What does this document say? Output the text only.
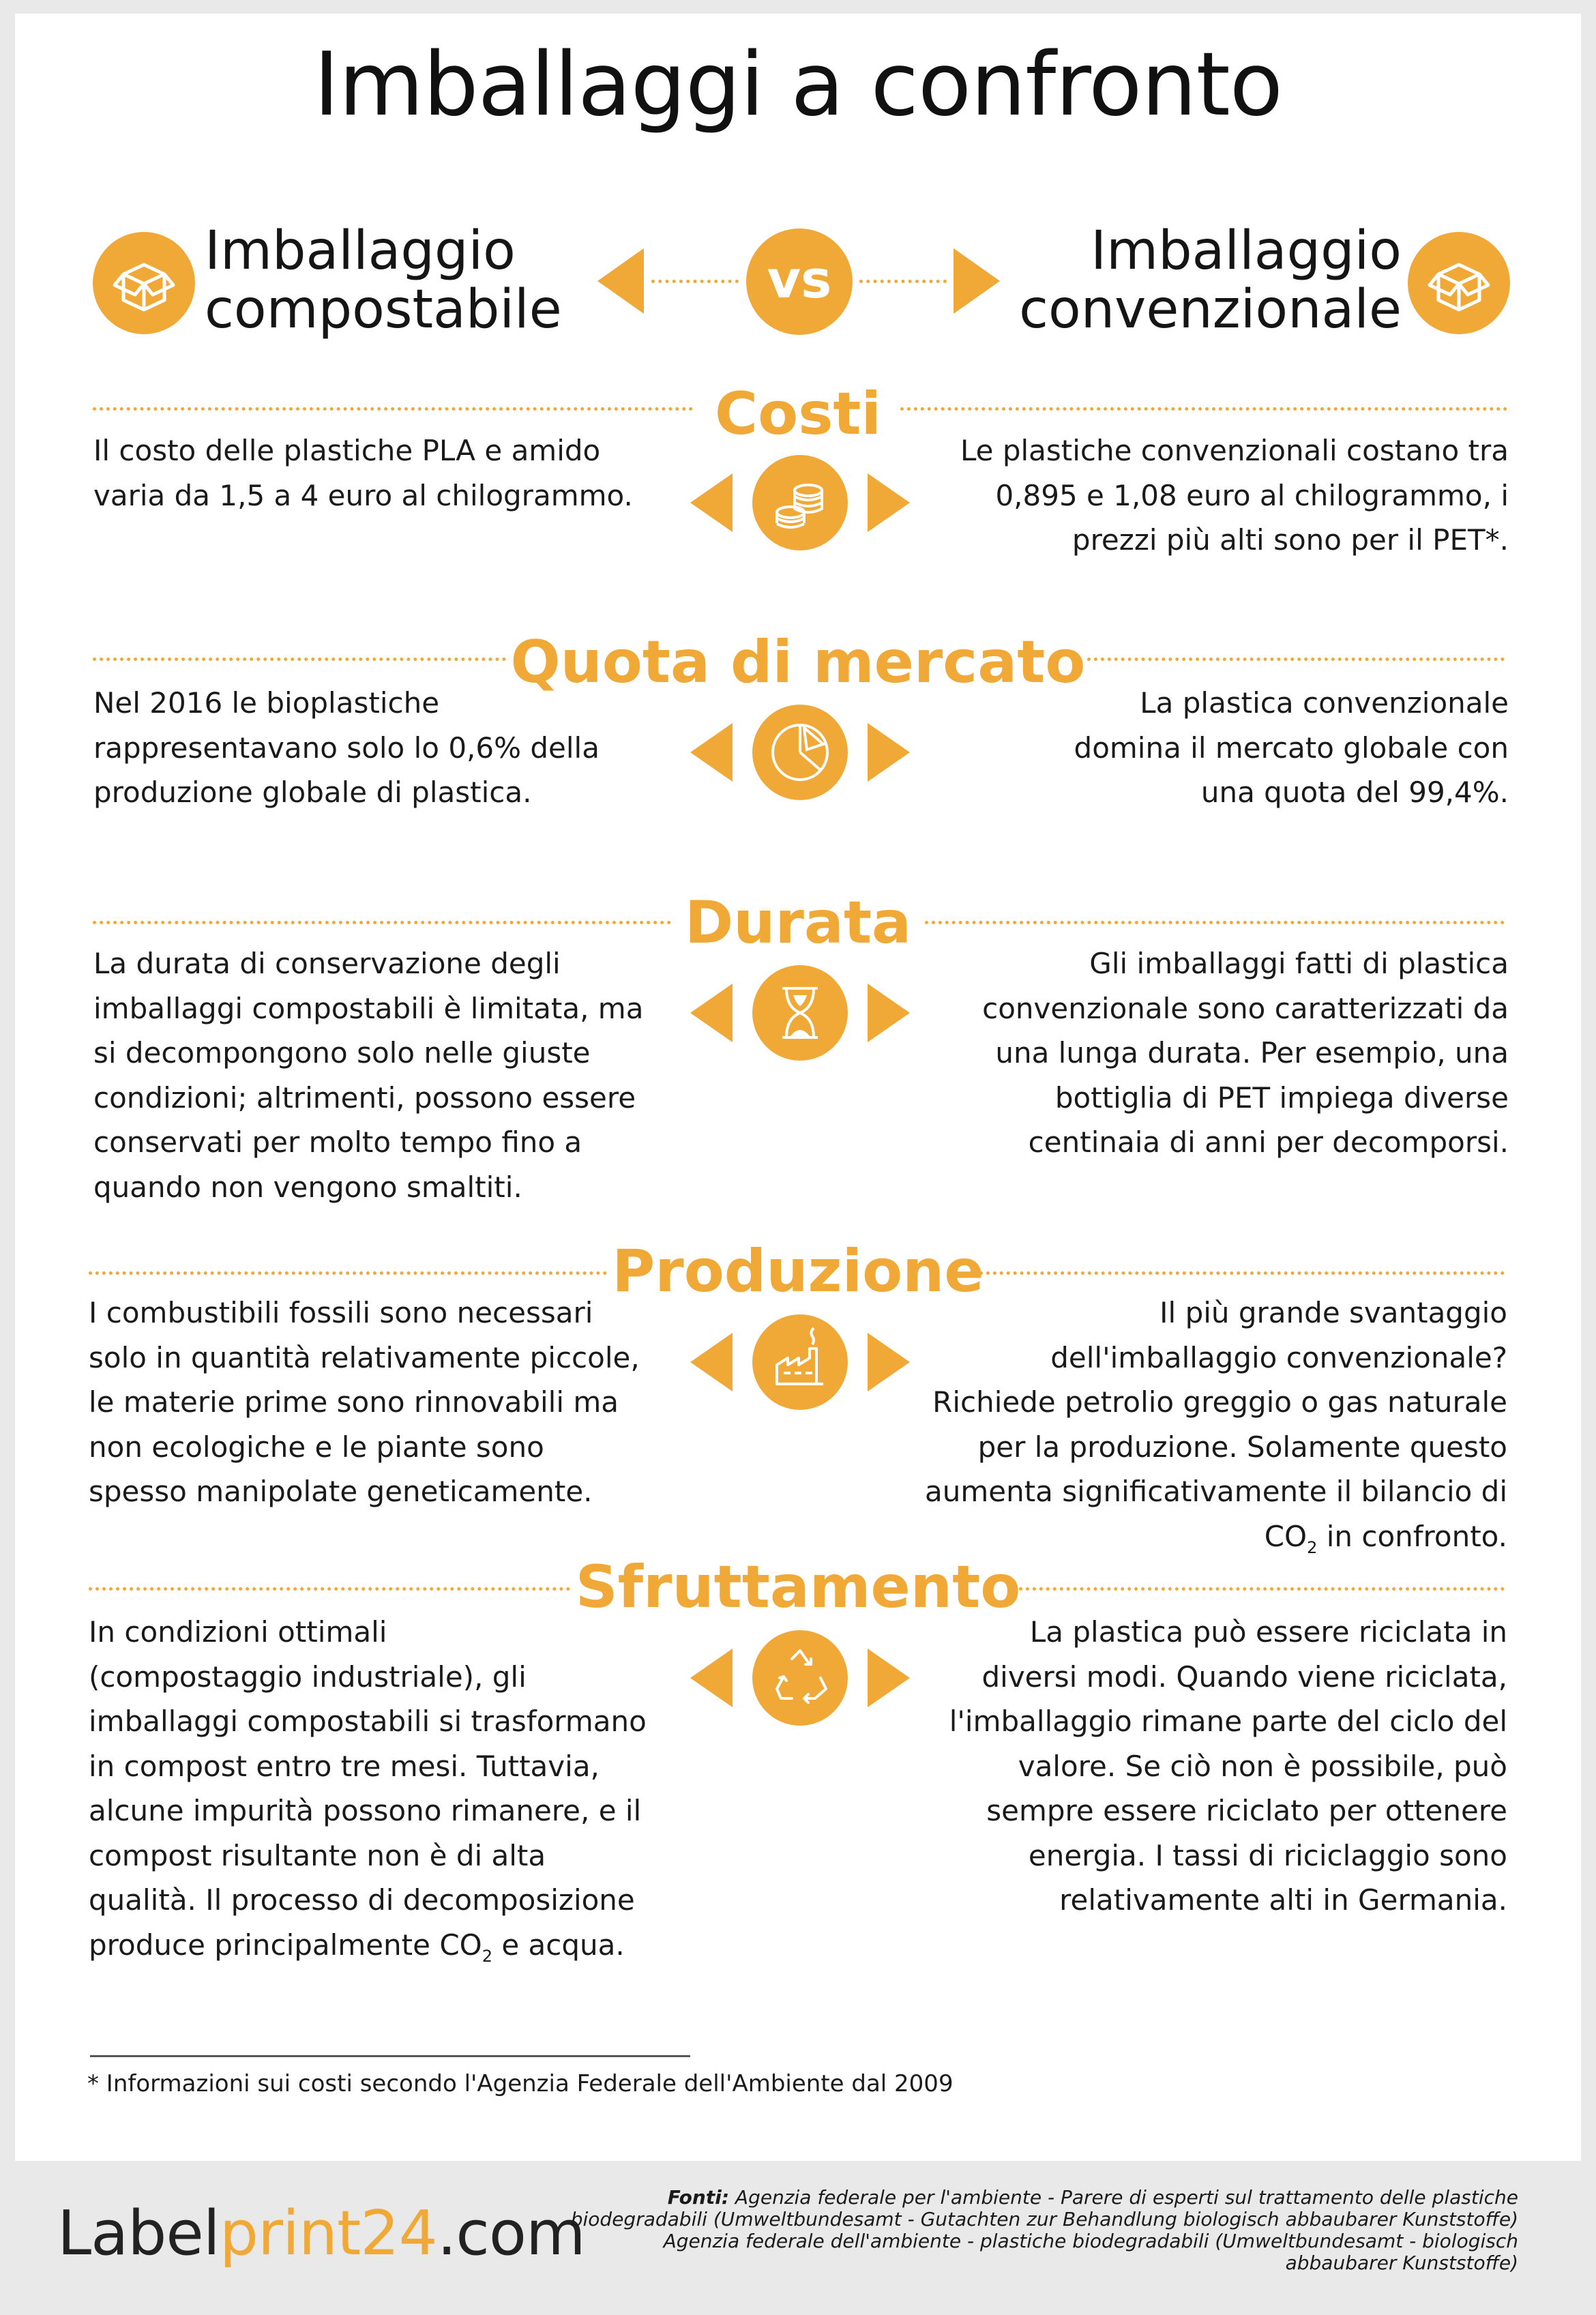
Imballaggi a confronto
Imballaggio
compostabile	vs	Imballaggio
convenzionale
Costi
Il costo delle plastiche PLA e amido
varia da 1,5 a 4 euro al chilogrammo.
Le plastiche convenzionali costano tra
0,895 e 1,08 euro al chilogrammo, i
prezzi più alti sono per il PET*.
Quota di mercato
Nel 2016 le bioplastiche
rappresentavano solo lo 0,6% della
produzione globale di plastica.
La plastica convenzionale
domina il mercato globale con
una quota del 99,4%.
Durata
La durata di conservazione degli
imballaggi compostabili è limitata, ma
si decompongono solo nelle giuste
condizioni; altrimenti, possono essere
conservati per molto tempo fino a
quando non vengono smaltiti.
Gli imballaggi fatti di plastica
convenzionale sono caratterizzati da
una lunga durata. Per esempio, una
bottiglia di PET impiega diverse
centinaia di anni per decomporsi.
Produzione
I combustibili fossili sono necessari
solo in quantità relativamente piccole,
le materie prime sono rinnovabili ma
non ecologiche e le piante sono
spesso manipolate geneticamente.
Il più grande svantaggio
dell'imballaggio convenzionale?
Richiede petrolio greggio o gas naturale
per la produzione. Solamente questo
aumenta significativamente il bilancio di
$CO_2$ in confronto.
Sfruttamento
In condizioni ottimali
(compostaggio industriale), gli
imballaggi compostabili si trasformano
in compost entro tre mesi. Tuttavia,
alcune impurità possono rimanere, e il
compost risultante non è di alta
qualità. Il processo di decomposizione
produce principalmente $CO_2$ e acqua.
La plastica può essere riciclata in
diversi modi. Quando viene riciclata,
l'imballaggio rimane parte del ciclo del
valore. Se ciò non è possibile, può
sempre essere riciclato per ottenere
energia. I tassi di riciclaggio sono
relativamente alti in Germania.
* Informazioni sui costi secondo l'Agenzia Federale dell'Ambiente dal 2009
Labelprint24.com
Fonti: Agenzia federale per l'ambiente - Parere di esperti sul trattamento delle plastiche
biodegradabili (Umweltbundesamt - Gutachten zur Behandlung biologisch abbaubarer Kunststoffe)
Agenzia federale dell'ambiente - plastiche biodegradabili (Umweltbundesamt - biologisch
abbaubarer Kunststoffe)
